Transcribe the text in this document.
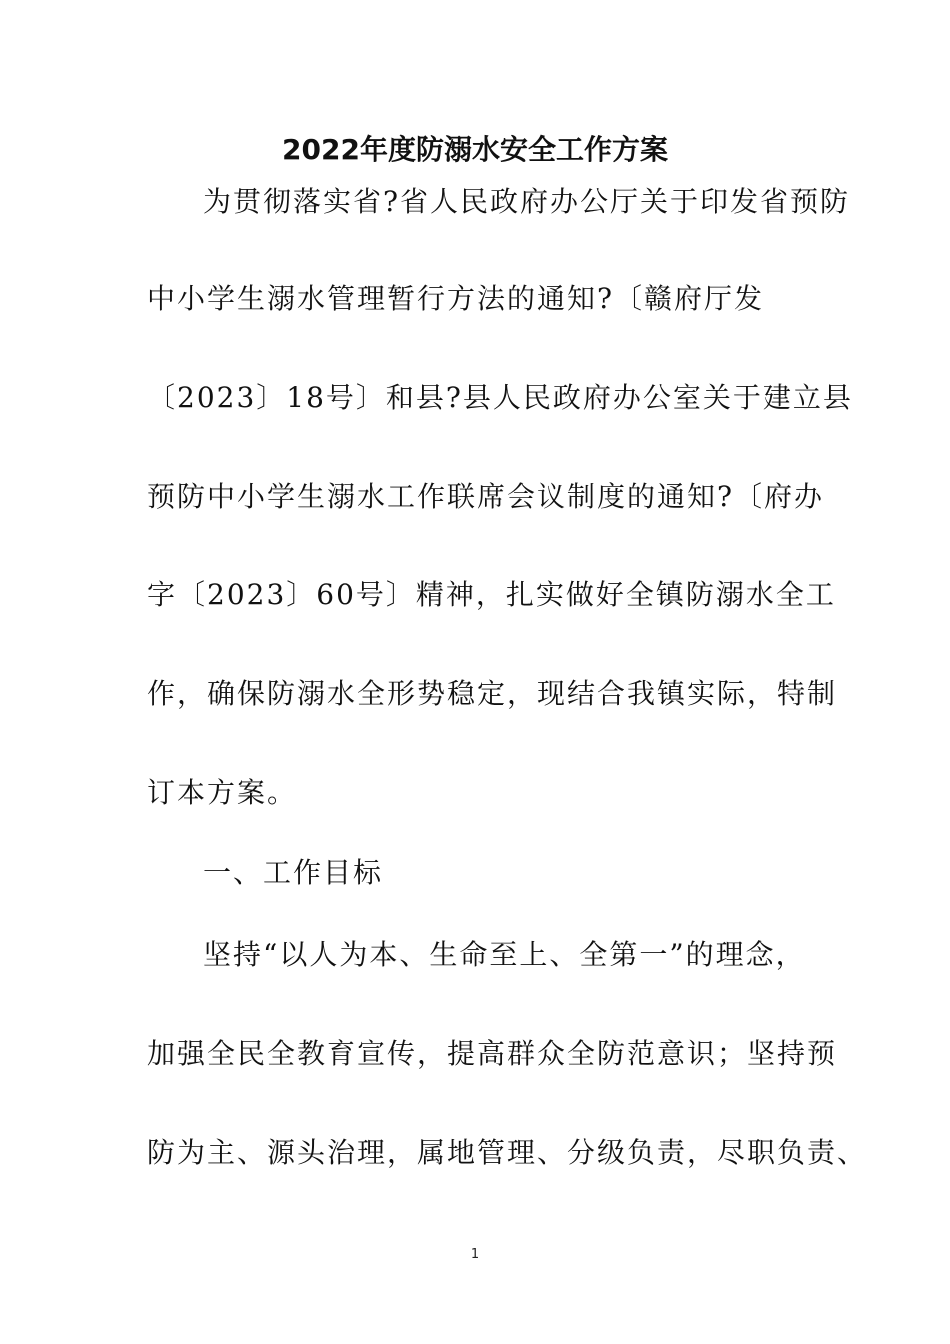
2022年度防溺水安全工作方案
为贯彻落实省?省人民政府办公厅关于印发省预防
中小学生溺水管理暂行方法的通知?〔赣府厅发
〔2023〕18号〕和县?县人民政府办公室关于建立县
预防中小学生溺水工作联席会议制度的通知?〔府办
字〔2023〕60号〕精神，扎实做好全镇防溺水全工
作，确保防溺水全形势稳定，现结合我镇实际，特制
订本方案。
一、工作目标
坚持“以人为本、生命至上、全第一”的理念，
加强全民全教育宣传，提高群众全防范意识；坚持预
防为主、源头治理，属地管理、分级负责，尽职负责、
1
